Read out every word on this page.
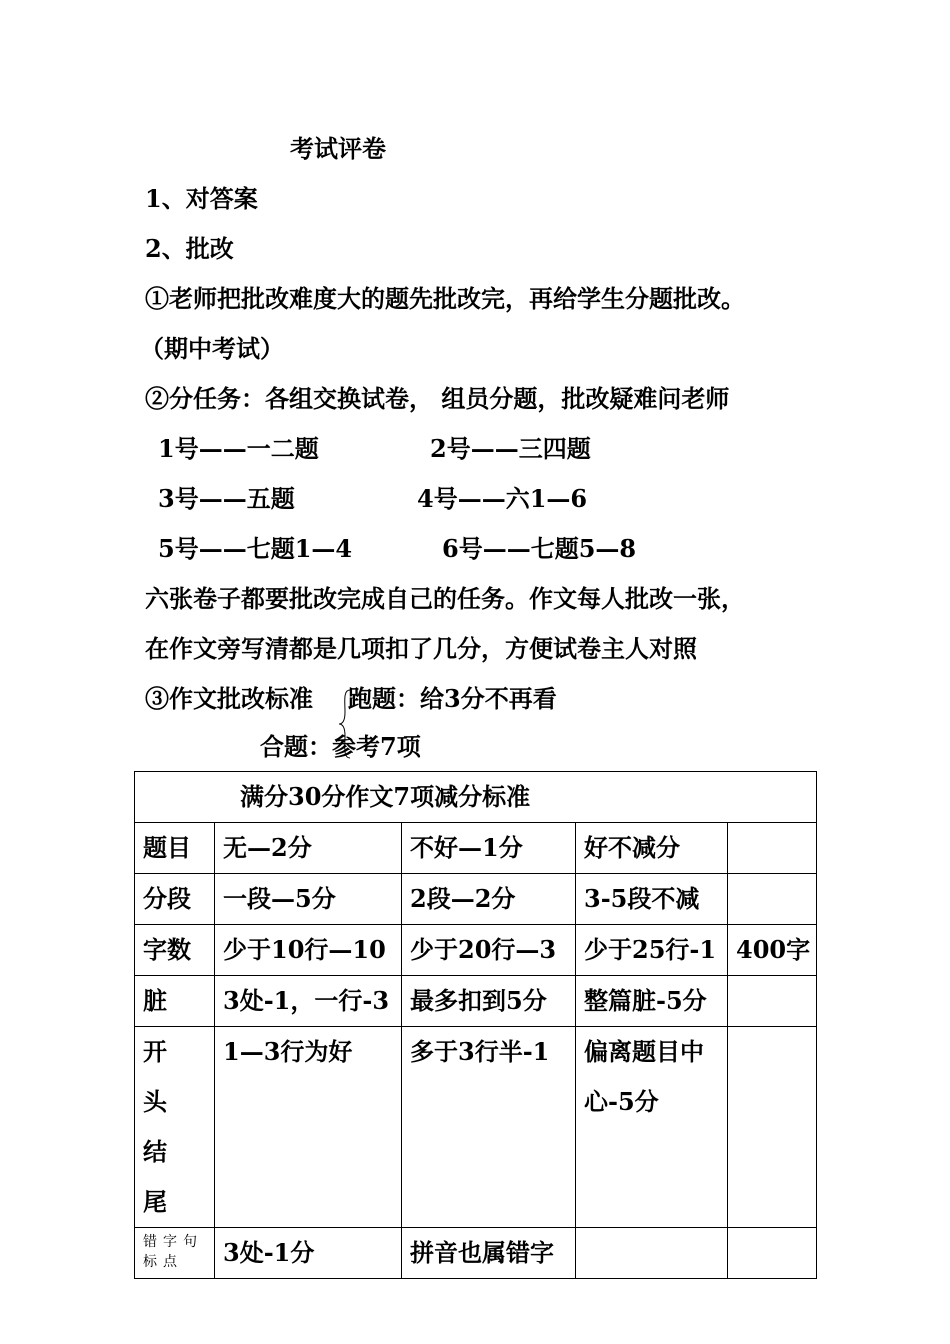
考试评卷
1、对答案
2、批改
①老师把批改难度大的题先批改完，再给学生分题批改。
（期中考试）
②分任务：各组交换试卷， 组员分题，批改疑难问老师
1号——一二题	2号——三四题
3号——五题	4号——六1—6
5号——七题1—4	6号——七题5—8
六张卷子都要批改完成自己的任务。作文每人批改一张，
在作文旁写清都是几项扣了几分，方便试卷主人对照
③作文批改标准 跑题：给3分不再看
合题：参考7项
满分30分作文7项减分标准				
题目	无—2分	不好—1分	好不减分	
分段	一段—5分	2段—2分	3-5段不减	
字数	少于10行—10	少于20行—3	少于25行-1	400字
脏	3处-1，一行-3	最多扣到5分	整篇脏-5分	
开头结尾	1—3行为好	多于3行半-1	偏离题目中心-5分	
错字句标点	3处-1分	拼音也属错字		
